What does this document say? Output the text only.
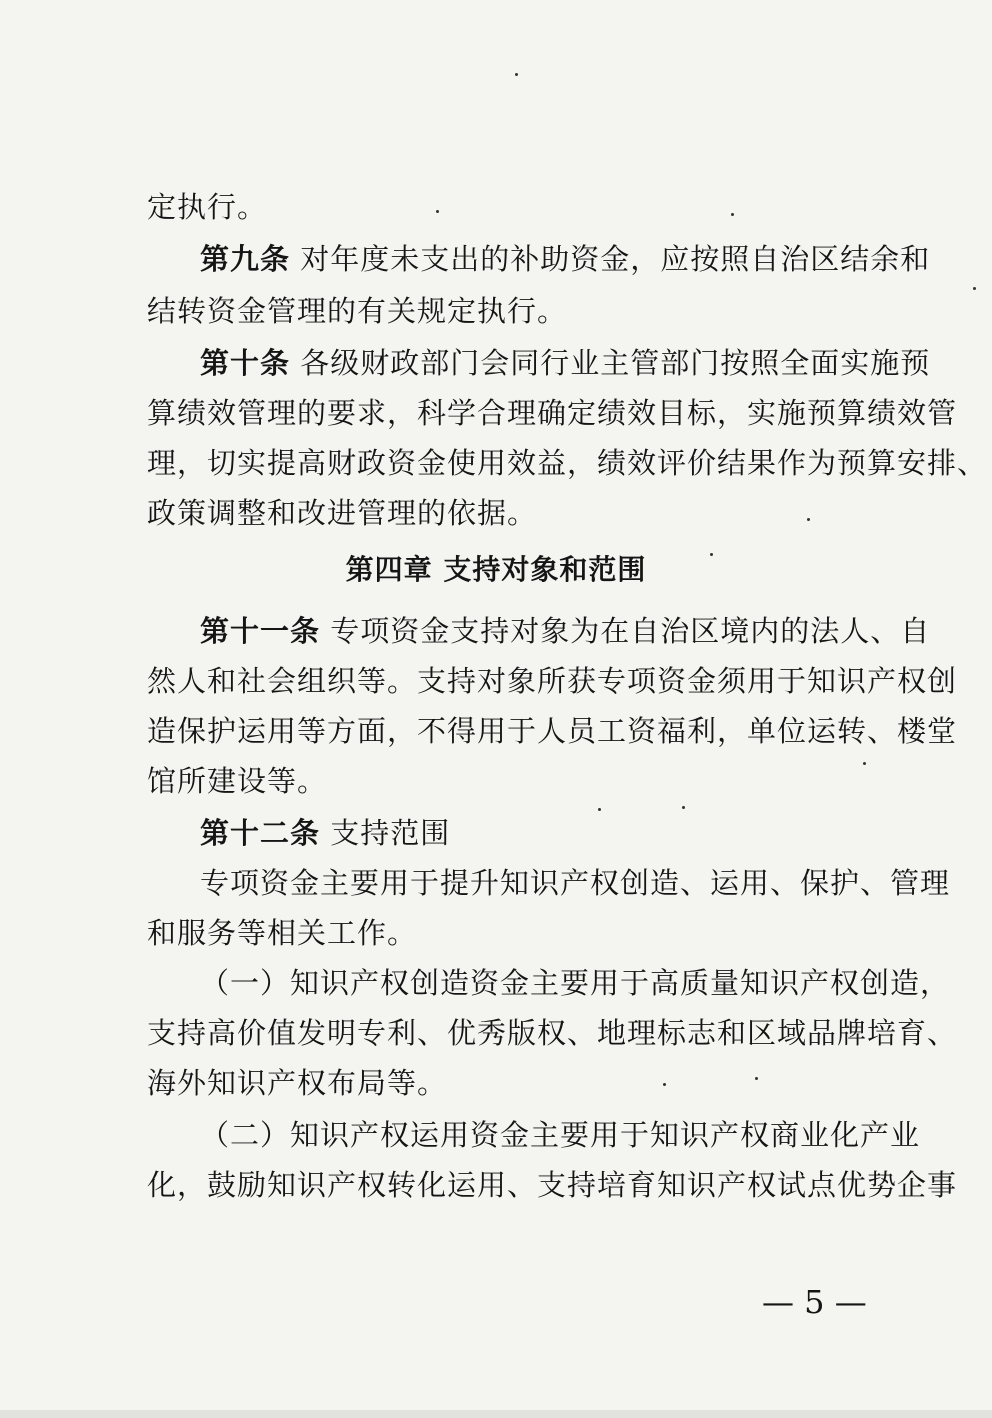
定执行。
第九条 对年度未支出的补助资金，应按照自治区结余和
结转资金管理的有关规定执行。
第十条 各级财政部门会同行业主管部门按照全面实施预
算绩效管理的要求，科学合理确定绩效目标，实施预算绩效管
理，切实提高财政资金使用效益，绩效评价结果作为预算安排、
政策调整和改进管理的依据。
第四章 支持对象和范围
第十一条 专项资金支持对象为在自治区境内的法人、自
然人和社会组织等。支持对象所获专项资金须用于知识产权创
造保护运用等方面，不得用于人员工资福利，单位运转、楼堂
馆所建设等。
第十二条 支持范围
专项资金主要用于提升知识产权创造、运用、保护、管理
和服务等相关工作。
（一）知识产权创造资金主要用于高质量知识产权创造，
支持高价值发明专利、优秀版权、地理标志和区域品牌培育、
海外知识产权布局等。
（二）知识产权运用资金主要用于知识产权商业化产业
化，鼓励知识产权转化运用、支持培育知识产权试点优势企事
— 5 —
